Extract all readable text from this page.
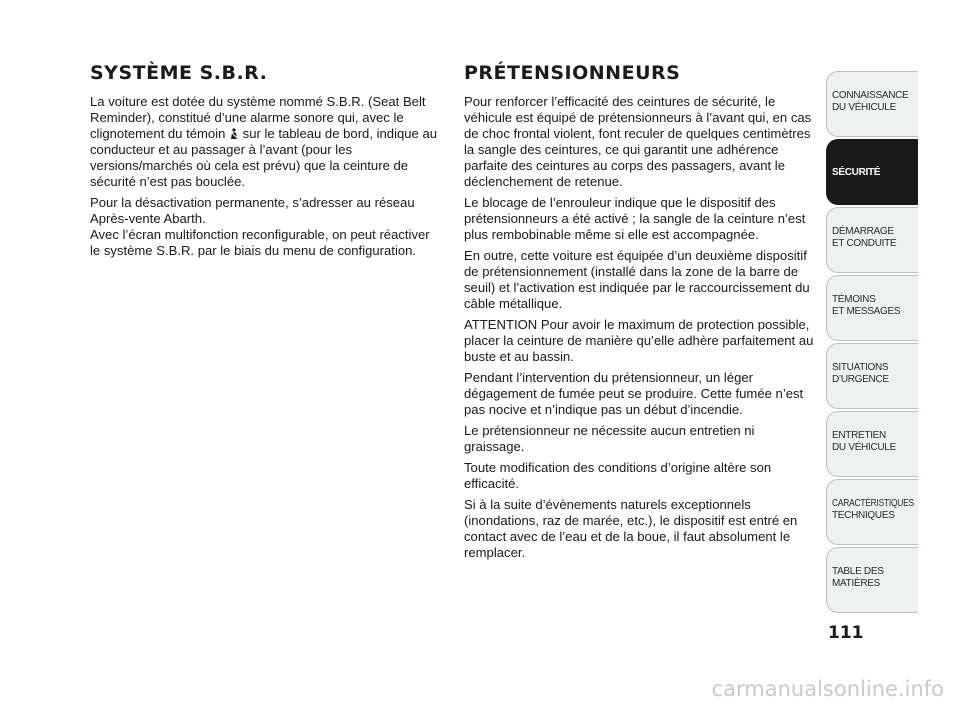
SYSTÈME S.B.R.

La voiture est dotée du système nommé S.B.R. (Seat Belt Reminder), constitué d’une alarme sonore qui, avec le clignotement du témoin sur le tableau de bord, indique au conducteur et au passager à l’avant (pour les versions/marchés où cela est prévu) que la ceinture de sécurité n’est pas bouclée.

Pour la désactivation permanente, s’adresser au réseau Après-vente Abarth.
Avec l’écran multifonction reconfigurable, on peut réactiver le système S.B.R. par le biais du menu de configuration.

PRÉTENSIONNEURS

Pour renforcer l’efficacité des ceintures de sécurité, le véhicule est équipé de prétensionneurs à l’avant qui, en cas de choc frontal violent, font reculer de quelques centimètres la sangle des ceintures, ce qui garantit une adhérence parfaite des ceintures au corps des passagers, avant le déclenchement de retenue.

Le blocage de l’enrouleur indique que le dispositif des prétensionneurs a été activé ; la sangle de la ceinture n’est plus rembobinable même si elle est accompagnée.

En outre, cette voiture est équipée d’un deuxième dispositif de prétensionnement (installé dans la zone de la barre de seuil) et l’activation est indiquée par le raccourcissement du câble métallique.

ATTENTION Pour avoir le maximum de protection possible, placer la ceinture de manière qu’elle adhère parfaitement au buste et au bassin.

Pendant l’intervention du prétensionneur, un léger dégagement de fumée peut se produire. Cette fumée n’est pas nocive et n’indique pas un début d’incendie.

Le prétensionneur ne nécessite aucun entretien ni graissage.

Toute modification des conditions d’origine altère son efficacité.

Si à la suite d’évènements naturels exceptionnels (inondations, raz de marée, etc.), le dispositif est entré en contact avec de l’eau et de la boue, il faut absolument le remplacer.

CONNAISSANCE
DU VÉHICULE
SÉCURITÉ
DÉMARRAGE
ET CONDUITE
TÉMOINS
ET MESSAGES
SITUATIONS
D’URGENCE
ENTRETIEN
DU VÉHICULE
CARACTÉRISTIQUES
TECHNIQUES
TABLE DES
MATIÈRES
111
carmanualsonline.info
